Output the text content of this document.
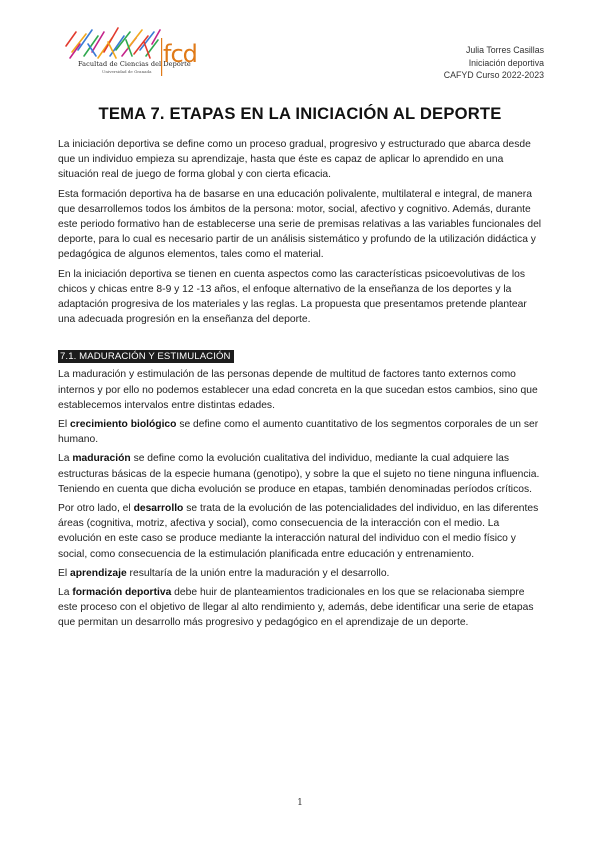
Facultad de Ciencias del Deporte
Universidad de Granada
fcd	Julia Torres Casillas
Iniciación deportiva
CAFYD Curso 2022-2023
TEMA 7. ETAPAS EN LA INICIACIÓN AL DEPORTE

La iniciación deportiva se define como un proceso gradual, progresivo y estructurado que abarca desde que un individuo empieza su aprendizaje, hasta que éste es capaz de aplicar lo aprendido en una situación real de juego de forma global y con cierta eficacia.

Esta formación deportiva ha de basarse en una educación polivalente, multilateral e integral, de manera que desarrollemos todos los ámbitos de la persona: motor, social, afectivo y cognitivo. Además, durante este periodo formativo han de establecerse una serie de premisas relativas a las variables funcionales del deporte, para lo cual es necesario partir de un análisis sistemático y profundo de la utilización didáctica y pedagógica de algunos elementos, tales como el material.

En la iniciación deportiva se tienen en cuenta aspectos como las características psicoevolutivas de los chicos y chicas entre 8-9 y 12 -13 años, el enfoque alternativo de la enseñanza de los deportes y la adaptación progresiva de los materiales y las reglas. La propuesta que presentamos pretende plantear una adecuada progresión en la enseñanza del deporte.

7.1. MADURACIÓN Y ESTIMULACIÓN

La maduración y estimulación de las personas depende de multitud de factores tanto externos como internos y por ello no podemos establecer una edad concreta en la que sucedan estos cambios, sino que establecemos intervalos entre distintas edades.

El crecimiento biológico se define como el aumento cuantitativo de los segmentos corporales de un ser humano.

La maduración se define como la evolución cualitativa del individuo, mediante la cual adquiere las estructuras básicas de la especie humana (genotipo), y sobre la que el sujeto no tiene ninguna influencia. Teniendo en cuenta que dicha evolución se produce en etapas, también denominadas períodos críticos.

Por otro lado, el desarrollo se trata de la evolución de las potencialidades del individuo, en las diferentes áreas (cognitiva, motriz, afectiva y social), como consecuencia de la interacción con el medio. La evolución en este caso se produce mediante la interacción natural del individuo con el medio físico y social, como consecuencia de la estimulación planificada entre educación y entrenamiento.

El aprendizaje resultaría de la unión entre la maduración y el desarrollo.

La formación deportiva debe huir de planteamientos tradicionales en los que se relacionaba siempre este proceso con el objetivo de llegar al alto rendimiento y, además, debe identificar una serie de etapas que permitan un desarrollo más progresivo y pedagógico en el aprendizaje de un deporte.

1
